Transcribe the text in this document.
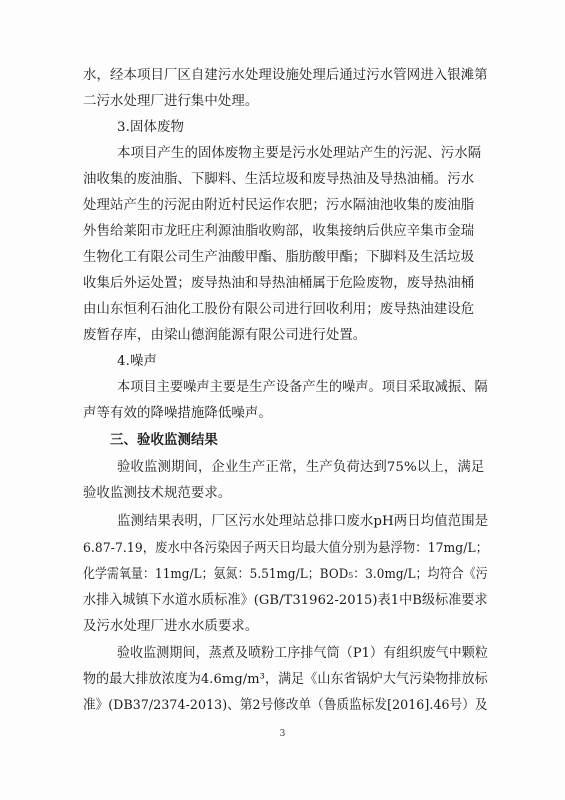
水，经本项目厂区自建污水处理设施处理后通过污水管网进入银滩第
二污水处理厂进行集中处理。
3.固体废物
本项目产生的固体废物主要是污水处理站产生的污泥、污水隔
油收集的废油脂、下脚料、生活垃圾和废导热油及导热油桶。污水
处理站产生的污泥由附近村民运作农肥；污水隔油池收集的废油脂
外售给莱阳市龙旺庄利源油脂收购部，收集接纳后供应辛集市金瑞
生物化工有限公司生产油酸甲酯、脂肪酸甲酯；下脚料及生活垃圾
收集后外运处置；废导热油和导热油桶属于危险废物，废导热油桶
由山东恒利石油化工股份有限公司进行回收利用；废导热油建设危
废暂存库，由梁山德润能源有限公司进行处置。
4.噪声
本项目主要噪声主要是生产设备产生的噪声。项目采取减振、隔
声等有效的降噪措施降低噪声。
三、验收监测结果
验收监测期间，企业生产正常，生产负荷达到75%以上，满足
验收监测技术规范要求。
监测结果表明，厂区污水处理站总排口废水pH两日均值范围是
6.87-7.19，废水中各污染因子两天日均最大值分别为悬浮物：17mg/L；
化学需氧量：11mg/L；氨氮：5.51mg/L；BOD₅：3.0mg/L；均符合《污
水排入城镇下水道水质标准》(GB/T31962-2015)表1中B级标准要求
及污水处理厂进水水质要求。
验收监测期间，蒸煮及喷粉工序排气筒（P1）有组织废气中颗粒
物的最大排放浓度为4.6mg/m³，满足《山东省锅炉大气污染物排放标
准》(DB37/2374-2013)、第2号修改单（鲁质监标发[2016].46号）及
3
